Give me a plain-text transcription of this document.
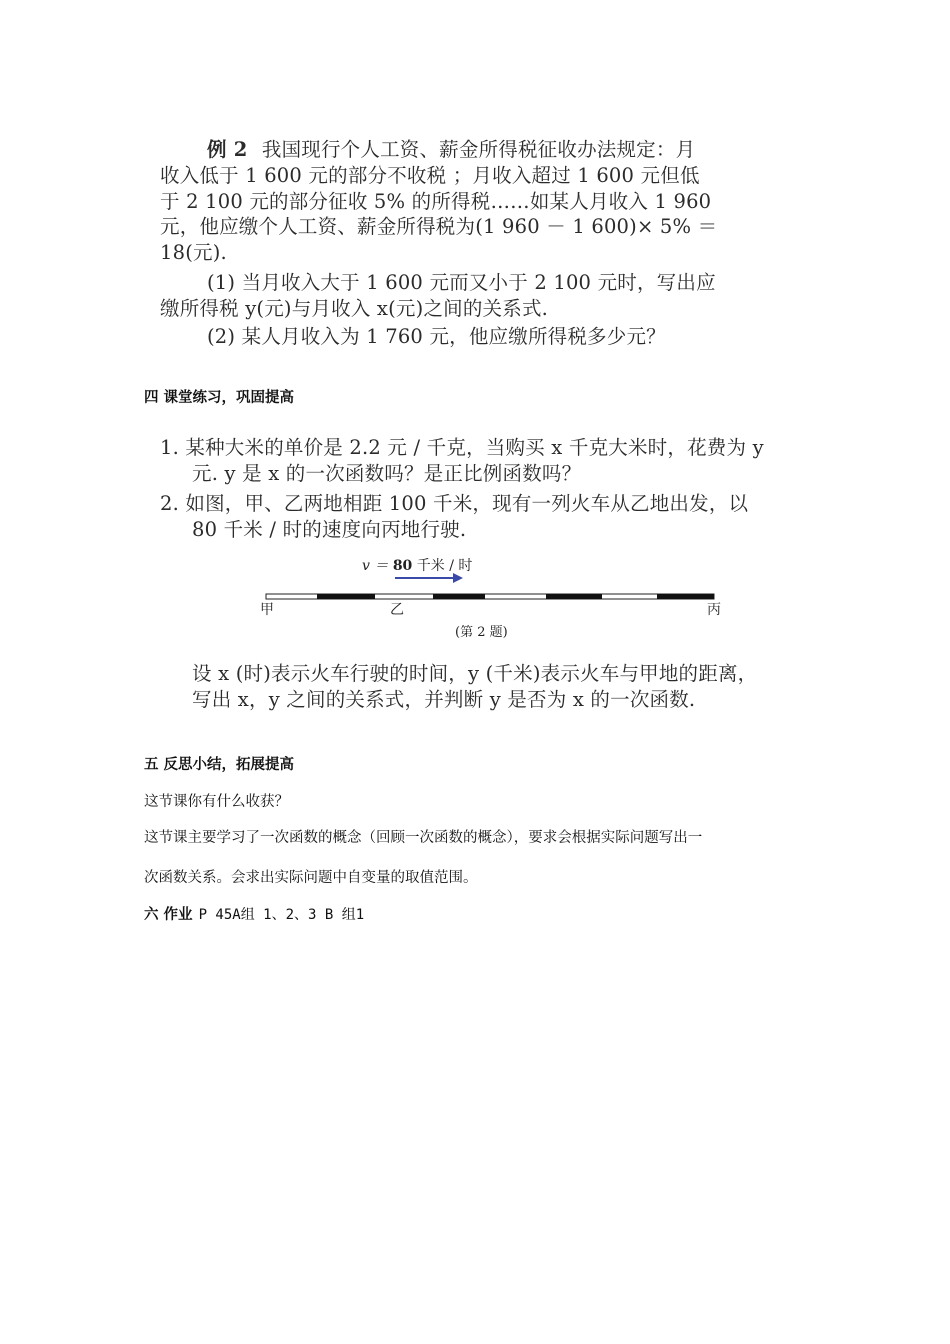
例 2 我国现行个人工资、薪金所得税征收办法规定：月
收入低于 1 600 元的部分不收税 ；月收入超过 1 600 元但低
于 2 100 元的部分征收 5% 的所得税……如某人月收入 1 960
元，他应缴个人工资、薪金所得税为(1 960 － 1 600)× 5% ＝
18(元).
(1) 当月收入大于 1 600 元而又小于 2 100 元时，写出应
缴所得税 y(元)与月收入 x(元)之间的关系式.
(2) 某人月收入为 1 760 元，他应缴所得税多少元？
四 课堂练习，巩固提高
1. 某种大米的单价是 2.2 元 / 千克，当购买 x 千克大米时，花费为 y
元. y 是 x 的一次函数吗？是正比例函数吗？
2. 如图，甲、乙两地相距 100 千米，现有一列火车从乙地出发，以
80 千米 / 时的速度向丙地行驶.
v ＝ 80 千米 / 时
甲	乙	丙
(第 2 题)
设 x (时)表示火车行驶的时间，y (千米)表示火车与甲地的距离，
写出 x，y 之间的关系式，并判断 y 是否为 x 的一次函数.
五 反思小结，拓展提高
这节课你有什么收获？
这节课主要学习了一次函数的概念（回顾一次函数的概念），要求会根据实际问题写出一
次函数关系。会求出实际问题中自变量的取值范围。
六 作业 P 45A组 1、2、3 B 组1
